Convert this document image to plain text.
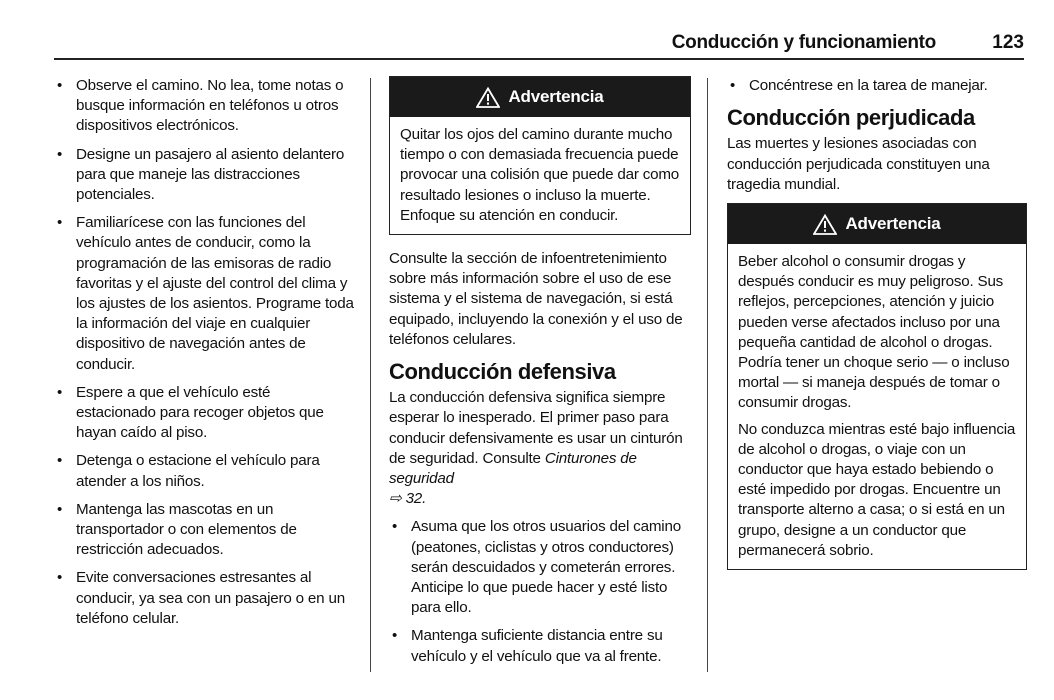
Conducción y funcionamiento	123
• Observe el camino. No lea, tome notas o busque información en teléfonos u otros dispositivos electrónicos.
• Designe un pasajero al asiento delantero para que maneje las distracciones potenciales.
• Familiarícese con las funciones del vehículo antes de conducir, como la programación de las emisoras de radio favoritas y el ajuste del control del clima y los ajustes de los asientos. Programe toda la información del viaje en cualquier dispositivo de navegación antes de conducir.
• Espere a que el vehículo esté estacionado para recoger objetos que hayan caído al piso.
• Detenga o estacione el vehículo para atender a los niños.
• Mantenga las mascotas en un transportador o con elementos de restricción adecuados.
• Evite conversaciones estresantes al conducir, ya sea con un pasajero o en un teléfono celular.
Advertencia

Quitar los ojos del camino durante mucho tiempo o con demasiada frecuencia puede provocar una colisión que puede dar como resultado lesiones o incluso la muerte. Enfoque su atención en conducir.

Consulte la sección de infoentretenimiento sobre más información sobre el uso de ese sistema y el sistema de navegación, si está equipado, incluyendo la conexión y el uso de teléfonos celulares.

Conducción defensiva

La conducción defensiva significa siempre esperar lo inesperado. El primer paso para conducir defensivamente es usar un cinturón de seguridad. Consulte Cinturones de seguridad
⇨ 32.

• Asuma que los otros usuarios del camino (peatones, ciclistas y otros conductores) serán descuidados y cometerán errores. Anticipe lo que puede hacer y esté listo para ello.
• Mantenga suficiente distancia entre su vehículo y el vehículo que va al frente.
• Concéntrese en la tarea de manejar.
Conducción perjudicada

Las muertes y lesiones asociadas con conducción perjudicada constituyen una tragedia mundial.

Advertencia

Beber alcohol o consumir drogas y después conducir es muy peligroso. Sus reflejos, percepciones, atención y juicio pueden verse afectados incluso por una pequeña cantidad de alcohol o drogas. Podría tener un choque serio — o incluso mortal — si maneja después de tomar o consumir drogas.

No conduzca mientras esté bajo influencia de alcohol o drogas, o viaje con un conductor que haya estado bebiendo o esté impedido por drogas. Encuentre un transporte alterno a casa; o si está en un grupo, designe a un conductor que permanecerá sobrio.
